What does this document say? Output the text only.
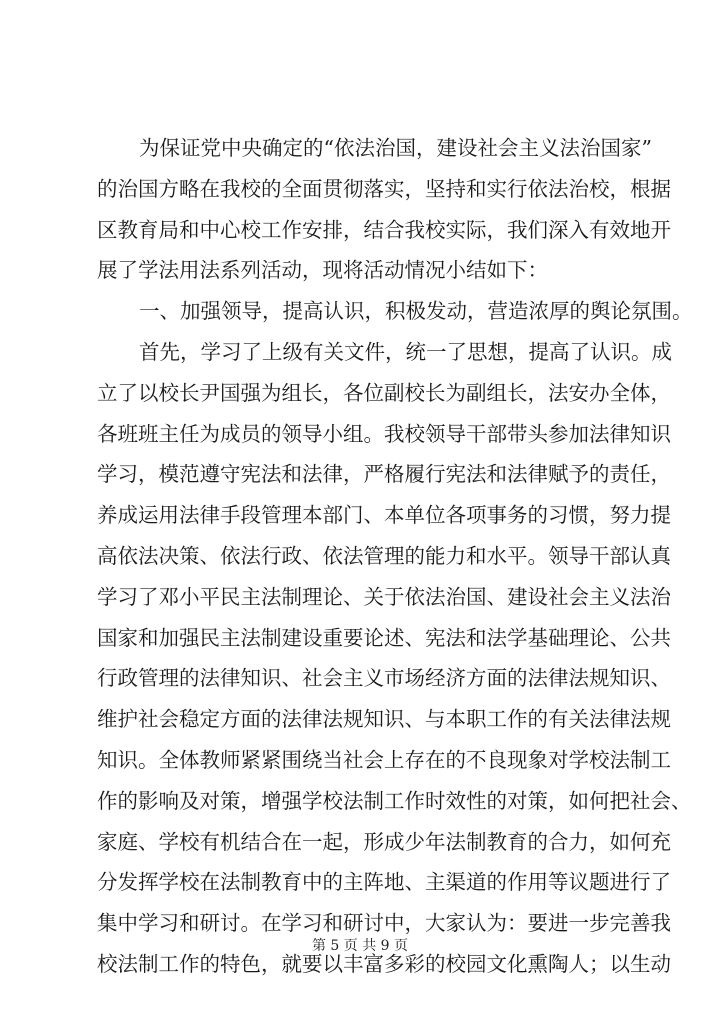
为保证党中央确定的“依法治国，建设社会主义法治国家”
的治国方略在我校的全面贯彻落实，坚持和实行依法治校，根据
区教育局和中心校工作安排，结合我校实际，我们深入有效地开
展了学法用法系列活动，现将活动情况小结如下：
一、加强领导，提高认识，积极发动，营造浓厚的舆论氛围。
首先，学习了上级有关文件，统一了思想，提高了认识。成
立了以校长尹国强为组长，各位副校长为副组长，法安办全体，
各班班主任为成员的领导小组。我校领导干部带头参加法律知识
学习，模范遵守宪法和法律，严格履行宪法和法律赋予的责任，
养成运用法律手段管理本部门、本单位各项事务的习惯，努力提
高依法决策、依法行政、依法管理的能力和水平。领导干部认真
学习了邓小平民主法制理论、关于依法治国、建设社会主义法治
国家和加强民主法制建设重要论述、宪法和法学基础理论、公共
行政管理的法律知识、社会主义市场经济方面的法律法规知识、
维护社会稳定方面的法律法规知识、与本职工作的有关法律法规
知识。全体教师紧紧围绕当社会上存在的不良现象对学校法制工
作的影响及对策，增强学校法制工作时效性的对策，如何把社会、
家庭、学校有机结合在一起，形成少年法制教育的合力，如何充
分发挥学校在法制教育中的主阵地、主渠道的作用等议题进行了
集中学习和研讨。在学习和研讨中，大家认为：要进一步完善我
校法制工作的特色，就要以丰富多彩的校园文化熏陶人；以生动
第 5 页 共 9 页
